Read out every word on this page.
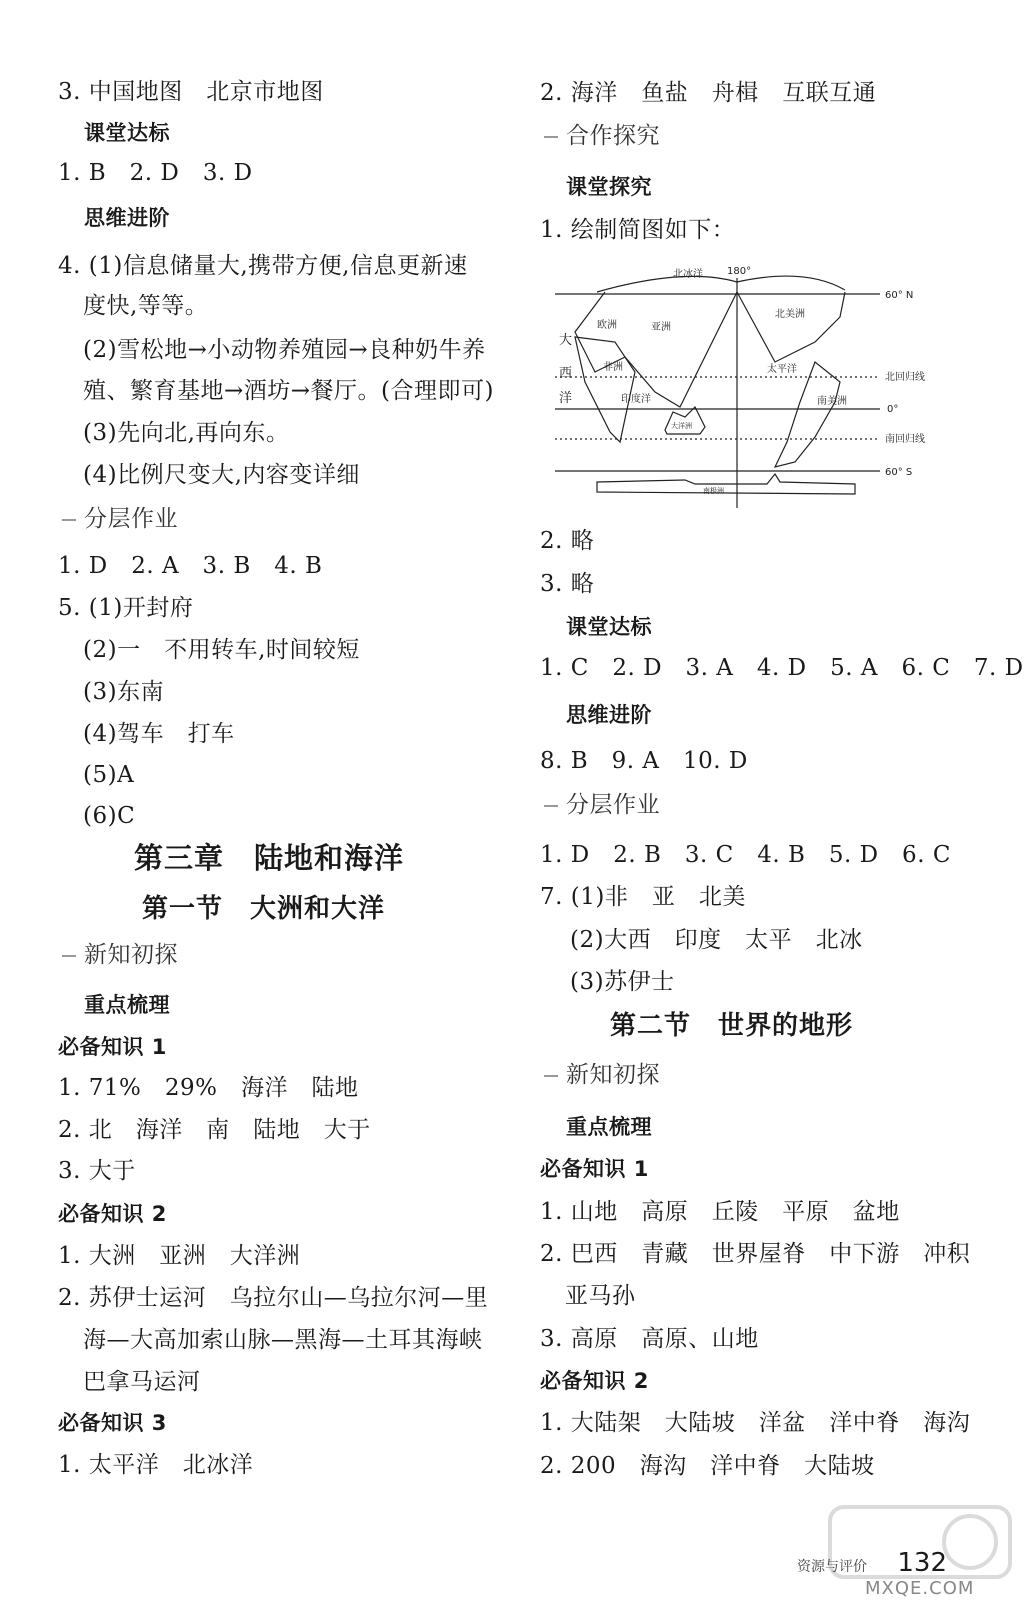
3. 中国地图　北京市地图
课堂达标
1. B　2. D　3. D
思维进阶
4. (1)信息储量大,携带方便,信息更新速
度快,等等。
(2)雪松地→小动物养殖园→良种奶牛养
殖、繁育基地→酒坊→餐厅。(合理即可)
(3)先向北,再向东。
(4)比例尺变大,内容变详细
分层作业
1. D　2. A　3. B　4. B
5. (1)开封府
(2)一　不用转车,时间较短
(3)东南
(4)驾车　打车
(5)A
(6)C
第三章　陆地和海洋
第一节　大洲和大洋
新知初探
重点梳理
必备知识 1
1. 71%　29%　海洋　陆地
2. 北　海洋　南　陆地　大于
3. 大于
必备知识 2
1. 大洲　亚洲　大洋洲
2. 苏伊士运河　乌拉尔山—乌拉尔河—里
海—大高加索山脉—黑海—土耳其海峡
巴拿马运河
必备知识 3
1. 太平洋　北冰洋
2. 海洋　鱼盐　舟楫　互联互通
合作探究
课堂探究
1. 绘制简图如下：
2. 略
3. 略
课堂达标
1. C　2. D　3. A　4. D　5. A　6. C　7. D
思维进阶
8. B　9. A　10. D
分层作业
1. D　2. B　3. C　4. B　5. D　6. C
7. (1)非　亚　北美
(2)大西　印度　太平　北冰
(3)苏伊士
第二节　世界的地形
新知初探
重点梳理
必备知识 1
1. 山地　高原　丘陵　平原　盆地
2. 巴西　青藏　世界屋脊　中下游　冲积
亚马孙
3. 高原　高原、山地
必备知识 2
1. 大陆架　大陆坡　洋盆　洋中脊　海沟
2. 200　海沟　洋中脊　大陆坡
北冰洋 180°
60° N
北回归线
0°
南回归线
60° S
欧洲	亚洲
北美洲
非洲	太平洋
印度洋	南美洲
大洋洲
南极洲
大
西
洋
资源与评价 132
MXQE.COM
